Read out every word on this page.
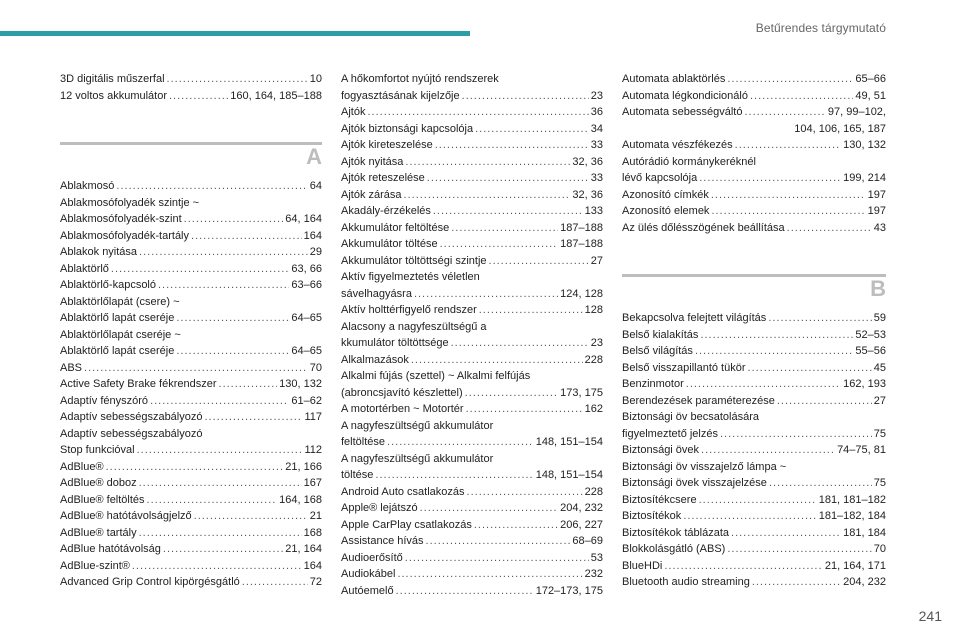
Betűrendes tárgymutató
3D digitális műszerfal .....	10
12 voltos akkumulátor .....	160, 164, 185–188
A
Ablakmosó .....	64
Ablakmosófolyadék szintje ~
Ablakmosófolyadék-szint .....	64, 164
Ablakmosófolyadék-tartály .....	164
Ablakok nyitása .....	29
Ablaktörlő .....	63, 66
Ablaktörlő-kapcsoló .....	63–66
Ablaktörlőlapát (csere) ~
Ablaktörlő lapát cseréje .....	64–65
Ablaktörlőlapát cseréje ~
Ablaktörlő lapát cseréje .....	64–65
ABS .....	70
Active Safety Brake fékrendszer .....	130, 132
Adaptív fényszóró .....	61–62
Adaptív sebességszabályozó .....	117
Adaptív sebességszabályozó
Stop funkcióval .....	112
AdBlue® .....	21, 166
AdBlue® doboz .....	167
AdBlue® feltöltés .....	164, 168
AdBlue® hatótávolságjelző .....	21
AdBlue® tartály .....	168
AdBlue hatótávolság .....	21, 164
AdBlue-szint® .....	164
Advanced Grip Control kipörgésgátló .....	72
A hőkomfortot nyújtó rendszerek
fogyasztásának kijelzője .....	23
Ajtók .....	36
Ajtók biztonsági kapcsolója .....	34
Ajtók kireteszelése .....	33
Ajtók nyitása .....	32, 36
Ajtók reteszelése .....	33
Ajtók zárása .....	32, 36
Akadály-érzékelés .....	133
Akkumulátor feltöltése .....	187–188
Akkumulátor töltése .....	187–188
Akkumulátor töltöttségi szintje .....	27
Aktív figyelmeztetés véletlen
sávelhagyásra .....	124, 128
Aktív holttérfigyelő rendszer .....	128
Alacsony a nagyfeszültségű a
kkumulátor töltöttsége .....	23
Alkalmazások .....	228
Alkalmi fújás (szettel) ~ Alkalmi felfújás
(abroncsjavító készlettel) .....	173, 175
A motortérben ~ Motortér .....	162
A nagyfeszültségű akkumulátor
feltöltése .....	148, 151–154
A nagyfeszültségű akkumulátor
töltése .....	148, 151–154
Android Auto csatlakozás .....	228
Apple® lejátszó .....	204, 232
Apple CarPlay csatlakozás .....	206, 227
Assistance hívás .....	68–69
Audioerősítő .....	53
Audiokábel .....	232
Autóemelő .....	172–173, 175
Automata ablaktörlés .....	65–66
Automata légkondicionáló .....	49, 51
Automata sebességváltó .....	97, 99–102,
104, 106, 165, 187
Automata vészfékezés .....	130, 132
Autórádió kormánykeréknél
lévő kapcsolója .....	199, 214
Azonosító címkék .....	197
Azonosító elemek .....	197
Az ülés dőlésszögének beállítása .....	43
B
Bekapcsolva felejtett világítás .....	59
Belső kialakítás .....	52–53
Belső világítás .....	55–56
Belső visszapillantó tükör .....	45
Benzinmotor .....	162, 193
Berendezések paraméterezése .....	27
Biztonsági öv becsatolására
figyelmeztető jelzés .....	75
Biztonsági övek .....	74–75, 81
Biztonsági öv visszajelző lámpa ~
Biztonsági övek visszajelzése .....	75
Biztosítékcsere .....	181, 181–182
Biztosítékok .....	181–182, 184
Biztosítékok táblázata .....	181, 184
Blokkolásgátló (ABS) .....	70
BlueHDi .....	21, 164, 171
Bluetooth audio streaming .....	204, 232
241
